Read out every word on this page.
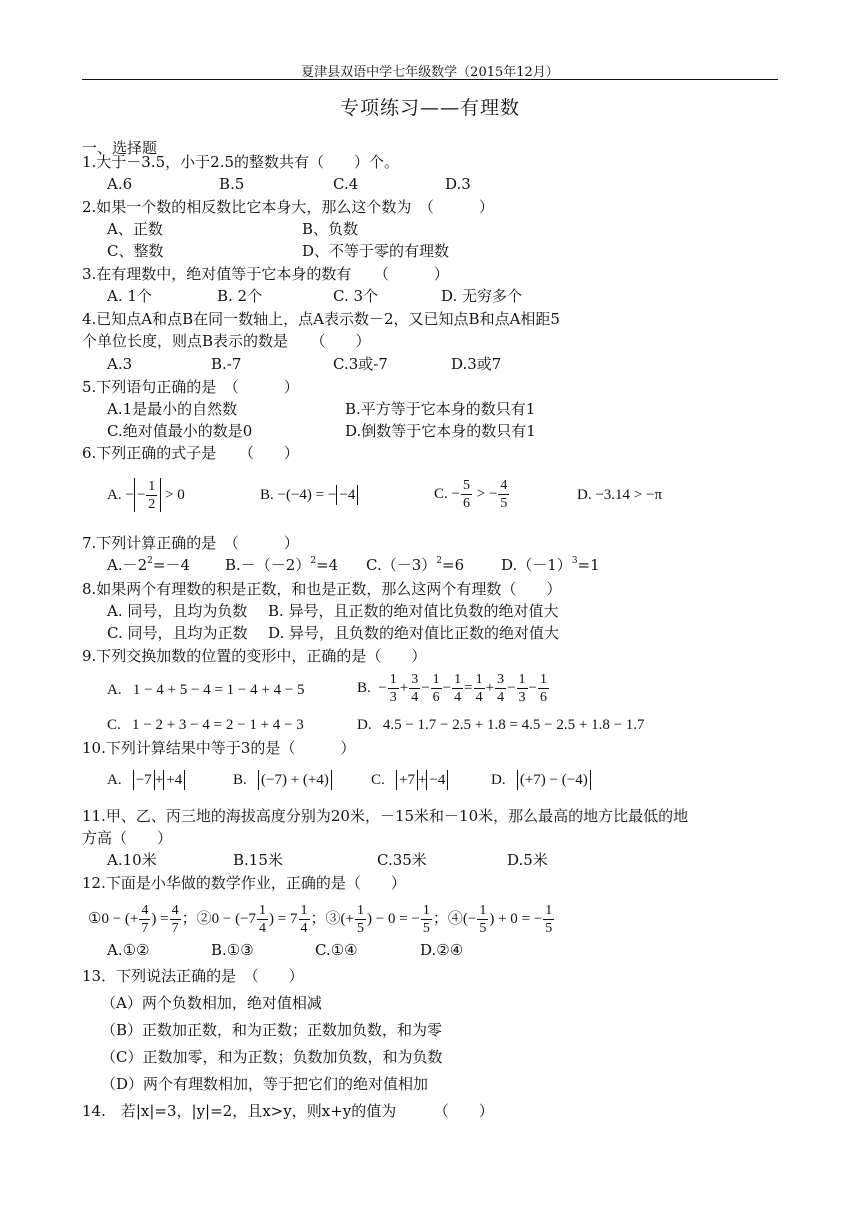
夏津县双语中学七年级数学（2015年12月）
专项练习——有理数
一、选择题
1.大于－3.5，小于2.5的整数共有（　　）个。
A.6	B.5	C.4	D.3
2.如果一个数的相反数比它本身大，那么这个数为　（　　　）
A、正数	B、负数
C、整数	D、不等于零的有理数
3.在有理数中，绝对值等于它本身的数有　　（　　　）
A. 1个	B. 2个	C. 3个	D. 无穷多个
4.已知点A和点B在同一数轴上，点A表示数－2，又已知点B和点A相距5
个单位长度，则点B表示的数是　　（　　）
A.3	B.-7	C.3或-7	D.3或7
5.下列语句正确的是　（　　　）
A.1是最小的自然数	B.平方等于它本身的数只有1
C.绝对值最小的数是0	D.倒数等于它本身的数只有1
6.下列正确的式子是　　（　　）
A. − − $\frac{1}{2} > 0$	B. −(−4) = − −4	C. − $\frac{5}{6}$ > − $\frac{4}{5}$	D. −3.14 > −π
7.下列计算正确的是　（　　　）
$A.-2^2=-4$ $B.-(-2)^2=4$ $C.(-3)^2=6$ $D.(-1)^3=1$
8.如果两个有理数的积是正数，和也是正数，那么这两个有理数（　　）
A. 同号，且均为负数 B. 异号，且正数的绝对值比负数的绝对值大
C. 同号，且均为正数 D. 异号，且负数的绝对值比正数的绝对值大
9.下列交换加数的位置的变形中，正确的是（　　）
A. 1 − 4 + 5 − 4 = 1 − 4 + 4 − 5	B. − $\frac{1}{3} + \frac{3}{4} - \frac{1}{6} - \frac{1}{4} = \frac{1}{4} + \frac{3}{4} - \frac{1}{3} - \frac{1}{6}$
C. 1 − 2 + 3 − 4 = 2 − 1 + 4 − 3	D. 4.5 − 1.7 − 2.5 + 1.8 = 4.5 − 2.5 + 1.8 − 1.7
10.下列计算结果中等于3的是（　　　）
A. −7 + +4	B. (−7) + (+4)	C. +7 + −4	D. (+7) − (−4)
11.甲、乙、丙三地的海拔高度分别为20米，－15米和－10米，那么最高的地方比最低的地
方高（　　）
A.10米	B.15米	C.35米	D.5米
12.下面是小华做的数学作业，正确的是（　　）
①0 − (+ $\frac{4}{7}$ ) = $\frac{4}{7}$ ；②0 − ($-7 \frac{1}{4}$ ) = $7 \frac{1}{4}$ ；③(+ $\frac{1}{5}$ ) − 0 = − $\frac{1}{5}$ ；④(− $\frac{1}{5}$ ) + 0 = − $\frac{1}{5}$
A.①②	B.①③	C.①④	D.②④
13．下列说法正确的是　（　　）
（A）两个负数相加，绝对值相减
（B）正数加正数，和为正数；正数加负数，和为零
（C）正数加零，和为正数；负数加负数，和为负数
（D）两个有理数相加，等于把它们的绝对值相加
14.　若|x|=3，|y|=2，且x>y，则x+y的值为　　　（　　）
